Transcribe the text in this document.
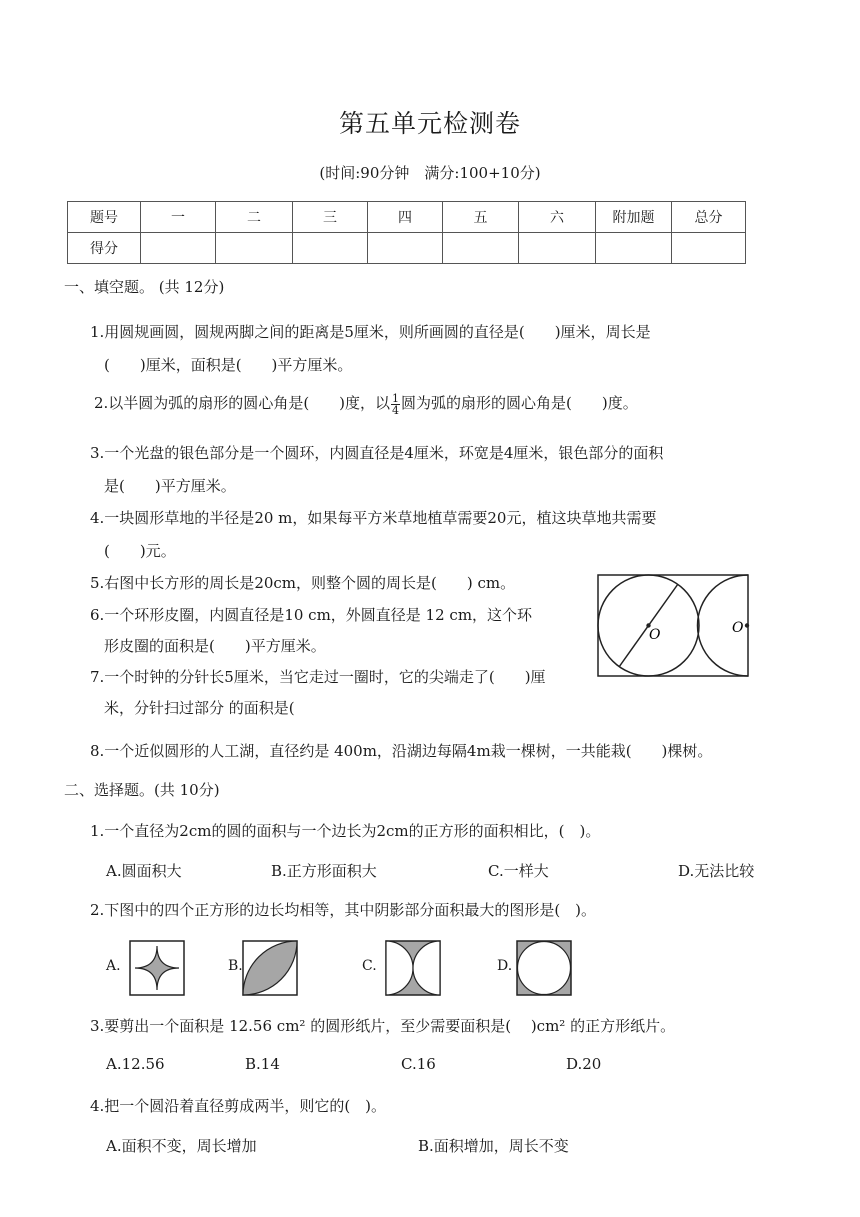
第五单元检测卷
(时间:90分钟　满分:100+10分)
题号	一	二	三	四	五	六	附加题	总分
得分								
一、填空题。 (共 12分)
1.用圆规画圆，圆规两脚之间的距离是5厘米，则所画圆的直径是(　　)厘米，周长是
(　　)厘米，面积是(　　)平方厘米。
2.以半圆为弧的扇形的圆心角是(　　)度，以 $\frac{1}{4}$ 圆为弧的扇形的圆心角是(　　)度。
3.一个光盘的银色部分是一个圆环，内圆直径是4厘米，环宽是4厘米，银色部分的面积
是(　　)平方厘米。
4.一块圆形草地的半径是20 m，如果每平方米草地植草需要20元，植这块草地共需要
(　　)元。
5.右图中长方形的周长是20cm，则整个圆的周长是(　　) cm。
6.一个环形皮圈，内圆直径是10 cm，外圆直径是 12 cm，这个环
形皮圈的面积是(　　)平方厘米。
7.一个时钟的分针长5厘米，当它走过一圈时，它的尖端走了(　　)厘
米，分针扫过部分 的面积是(
O	O
8.一个近似圆形的人工湖，直径约是 400m，沿湖边每隔4m栽一棵树，一共能栽(　　)棵树。
二、选择题。(共 10分)
1.一个直径为2cm的圆的面积与一个边长为2cm的正方形的面积相比，(　)。
A.圆面积大	B.正方形面积大	C.一样大	D.无法比较
2.下图中的四个正方形的边长均相等，其中阴影部分面积最大的图形是(　)。
A.	B.	C.	D.
3.要剪出一个面积是 12.56 cm² 的圆形纸片，至少需要面积是(　 )cm² 的正方形纸片。
A.12.56	B.14	C.16	D.20
4.把一个圆沿着直径剪成两半，则它的(　)。
A.面积不变，周长增加	B.面积增加，周长不变
